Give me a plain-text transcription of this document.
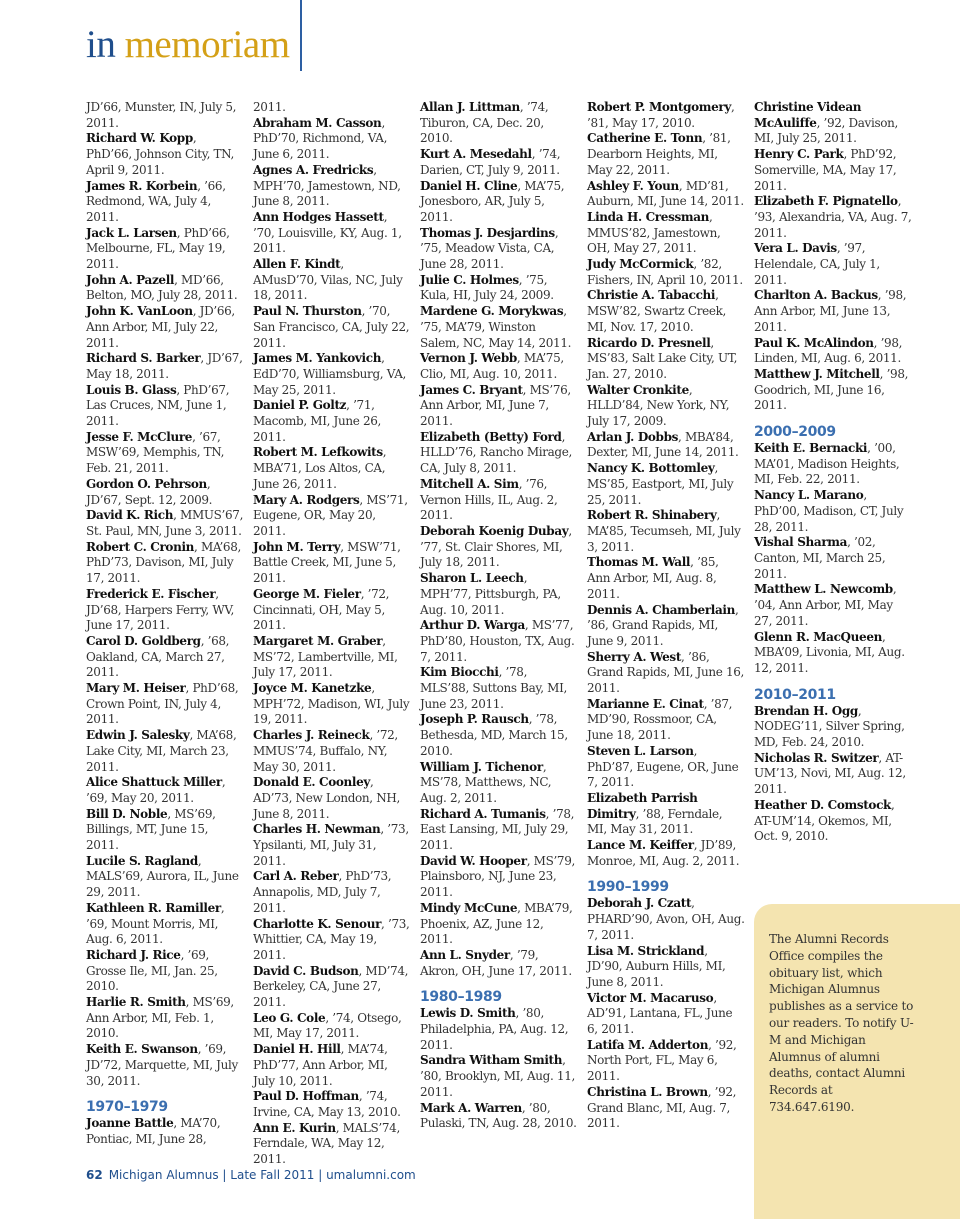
in memoriam
JD’66, Munster, IN, July 5, 2011.
Richard W. Kopp, PhD’66, Johnson City, TN, April 9, 2011.
James R. Korbein, ’66, Redmond, WA, July 4, 2011.
Jack L. Larsen, PhD’66, Melbourne, FL, May 19, 2011.
John A. Pazell, MD’66, Belton, MO, July 28, 2011.
John K. VanLoon, JD’66, Ann Arbor, MI, July 22, 2011.
Richard S. Barker, JD’67, May 18, 2011.
Louis B. Glass, PhD’67, Las Cruces, NM, June 1, 2011.
Jesse F. McClure, ’67, MSW’69, Memphis, TN, Feb. 21, 2011.
Gordon O. Pehrson, JD’67, Sept. 12, 2009.
David K. Rich, MMUS’67, St. Paul, MN, June 3, 2011.
Robert C. Cronin, MA’68, PhD’73, Davison, MI, July 17, 2011.
Frederick E. Fischer, JD’68, Harpers Ferry, WV, June 17, 2011.
Carol D. Goldberg, ’68, Oakland, CA, March 27, 2011.
Mary M. Heiser, PhD’68, Crown Point, IN, July 4, 2011.
Edwin J. Salesky, MA’68, Lake City, MI, March 23, 2011.
Alice Shattuck Miller, ’69, May 20, 2011.
Bill D. Noble, MS’69, Billings, MT, June 15, 2011.
Lucile S. Ragland, MALS’69, Aurora, IL, June 29, 2011.
Kathleen R. Ramiller, ’69, Mount Morris, MI, Aug. 6, 2011.
Richard J. Rice, ’69, Grosse Ile, MI, Jan. 25, 2010.
Harlie R. Smith, MS’69, Ann Arbor, MI, Feb. 1, 2010.
Keith E. Swanson, ’69, JD’72, Marquette, MI, July 30, 2011.
1970–1979
Joanne Battle, MA’70, Pontiac, MI, June 28,
2011.
Abraham M. Casson, PhD’70, Richmond, VA, June 6, 2011.
Agnes A. Fredricks, MPH’70, Jamestown, ND, June 8, 2011.
Ann Hodges Hassett, ’70, Louisville, KY, Aug. 1, 2011.
Allen F. Kindt, AMusD’70, Vilas, NC, July 18, 2011.
Paul N. Thurston, ’70, San Francisco, CA, July 22, 2011.
James M. Yankovich, EdD’70, Williamsburg, VA, May 25, 2011.
Daniel P. Goltz, ’71, Macomb, MI, June 26, 2011.
Robert M. Lefkowits, MBA’71, Los Altos, CA, June 26, 2011.
Mary A. Rodgers, MS’71, Eugene, OR, May 20, 2011.
John M. Terry, MSW’71, Battle Creek, MI, June 5, 2011.
George M. Fieler, ’72, Cincinnati, OH, May 5, 2011.
Margaret M. Graber, MS’72, Lambertville, MI, July 17, 2011.
Joyce M. Kanetzke, MPH’72, Madison, WI, July 19, 2011.
Charles J. Reineck, ’72, MMUS’74, Buffalo, NY, May 30, 2011.
Donald E. Coonley, AD’73, New London, NH, June 8, 2011.
Charles H. Newman, ’73, Ypsilanti, MI, July 31, 2011.
Carl A. Reber, PhD’73, Annapolis, MD, July 7, 2011.
Charlotte K. Senour, ’73, Whittier, CA, May 19, 2011.
David C. Budson, MD’74, Berkeley, CA, June 27, 2011.
Leo G. Cole, ’74, Otsego, MI, May 17, 2011.
Daniel H. Hill, MA’74, PhD’77, Ann Arbor, MI, July 10, 2011.
Paul D. Hoffman, ’74, Irvine, CA, May 13, 2010.
Ann E. Kurin, MALS’74, Ferndale, WA, May 12, 2011.
Allan J. Littman, ’74, Tiburon, CA, Dec. 20, 2010.
Kurt A. Mesedahl, ’74, Darien, CT, July 9, 2011.
Daniel H. Cline, MA’75, Jonesboro, AR, July 5, 2011.
Thomas J. Desjardins, ’75, Meadow Vista, CA, June 28, 2011.
Julie C. Holmes, ’75, Kula, HI, July 24, 2009.
Mardene G. Morykwas, ’75, MA’79, Winston Salem, NC, May 14, 2011.
Vernon J. Webb, MA’75, Clio, MI, Aug. 10, 2011.
James C. Bryant, MS’76, Ann Arbor, MI, June 7, 2011.
Elizabeth (Betty) Ford, HLLD’76, Rancho Mirage, CA, July 8, 2011.
Mitchell A. Sim, ’76, Vernon Hills, IL, Aug. 2, 2011.
Deborah Koenig Dubay, ’77, St. Clair Shores, MI, July 18, 2011.
Sharon L. Leech, MPH’77, Pittsburgh, PA, Aug. 10, 2011.
Arthur D. Warga, MS’77, PhD’80, Houston, TX, Aug. 7, 2011.
Kim Biocchi, ’78, MLS’88, Suttons Bay, MI, June 23, 2011.
Joseph P. Rausch, ’78, Bethesda, MD, March 15, 2010.
William J. Tichenor, MS’78, Matthews, NC, Aug. 2, 2011.
Richard A. Tumanis, ’78, East Lansing, MI, July 29, 2011.
David W. Hooper, MS’79, Plainsboro, NJ, June 23, 2011.
Mindy McCune, MBA’79, Phoenix, AZ, June 12, 2011.
Ann L. Snyder, ’79, Akron, OH, June 17, 2011.
1980–1989
Lewis D. Smith, ’80, Philadelphia, PA, Aug. 12, 2011.
Sandra Witham Smith, ’80, Brooklyn, MI, Aug. 11, 2011.
Mark A. Warren, ’80, Pulaski, TN, Aug. 28, 2010.
Robert P. Montgomery, ’81, May 17, 2010.
Catherine E. Tonn, ’81, Dearborn Heights, MI, May 22, 2011.
Ashley F. Youn, MD’81, Auburn, MI, June 14, 2011.
Linda H. Cressman, MMUS’82, Jamestown, OH, May 27, 2011.
Judy McCormick, ’82, Fishers, IN, April 10, 2011.
Christie A. Tabacchi, MSW’82, Swartz Creek, MI, Nov. 17, 2010.
Ricardo D. Presnell, MS’83, Salt Lake City, UT, Jan. 27, 2010.
Walter Cronkite, HLLD’84, New York, NY, July 17, 2009.
Arlan J. Dobbs, MBA’84, Dexter, MI, June 14, 2011.
Nancy K. Bottomley, MS’85, Eastport, MI, July 25, 2011.
Robert R. Shinabery, MA’85, Tecumseh, MI, July 3, 2011.
Thomas M. Wall, ’85, Ann Arbor, MI, Aug. 8, 2011.
Dennis A. Chamberlain, ’86, Grand Rapids, MI, June 9, 2011.
Sherry A. West, ’86, Grand Rapids, MI, June 16, 2011.
Marianne E. Cinat, ’87, MD’90, Rossmoor, CA, June 18, 2011.
Steven L. Larson, PhD’87, Eugene, OR, June 7, 2011.
Elizabeth Parrish Dimitry, ’88, Ferndale, MI, May 31, 2011.
Lance M. Keiffer, JD’89, Monroe, MI, Aug. 2, 2011.
1990–1999
Deborah J. Czatt, PHARD’90, Avon, OH, Aug. 7, 2011.
Lisa M. Strickland, JD’90, Auburn Hills, MI, June 8, 2011.
Victor M. Macaruso, AD’91, Lantana, FL, June 6, 2011.
Latifa M. Adderton, ’92, North Port, FL, May 6, 2011.
Christina L. Brown, ’92, Grand Blanc, MI, Aug. 7, 2011.
Christine Videan McAuliffe, ’92, Davison, MI, July 25, 2011.
Henry C. Park, PhD’92, Somerville, MA, May 17, 2011.
Elizabeth F. Pignatello, ’93, Alexandria, VA, Aug. 7, 2011.
Vera L. Davis, ’97, Helendale, CA, July 1, 2011.
Charlton A. Backus, ’98, Ann Arbor, MI, June 13, 2011.
Paul K. McAlindon, ’98, Linden, MI, Aug. 6, 2011.
Matthew J. Mitchell, ’98, Goodrich, MI, June 16, 2011.
2000–2009
Keith E. Bernacki, ’00, MA’01, Madison Heights, MI, Feb. 22, 2011.
Nancy L. Marano, PhD’00, Madison, CT, July 28, 2011.
Vishal Sharma, ’02, Canton, MI, March 25, 2011.
Matthew L. Newcomb, ’04, Ann Arbor, MI, May 27, 2011.
Glenn R. MacQueen, MBA’09, Livonia, MI, Aug. 12, 2011.
2010–2011
Brendan H. Ogg, NODEG’11, Silver Spring, MD, Feb. 24, 2010.
Nicholas R. Switzer, AT-UM’13, Novi, MI, Aug. 12, 2011.
Heather D. Comstock, AT-UM’14, Okemos, MI, Oct. 9, 2010.
The Alumni Records Office compiles the obituary list, which Michigan Alumnus publishes as a service to our readers. To notify U-M and Michigan Alumnus of alumni deaths, contact Alumni Records at 734.647.6190.
62 Michigan Alumnus | Late Fall 2011 | umalumni.com
